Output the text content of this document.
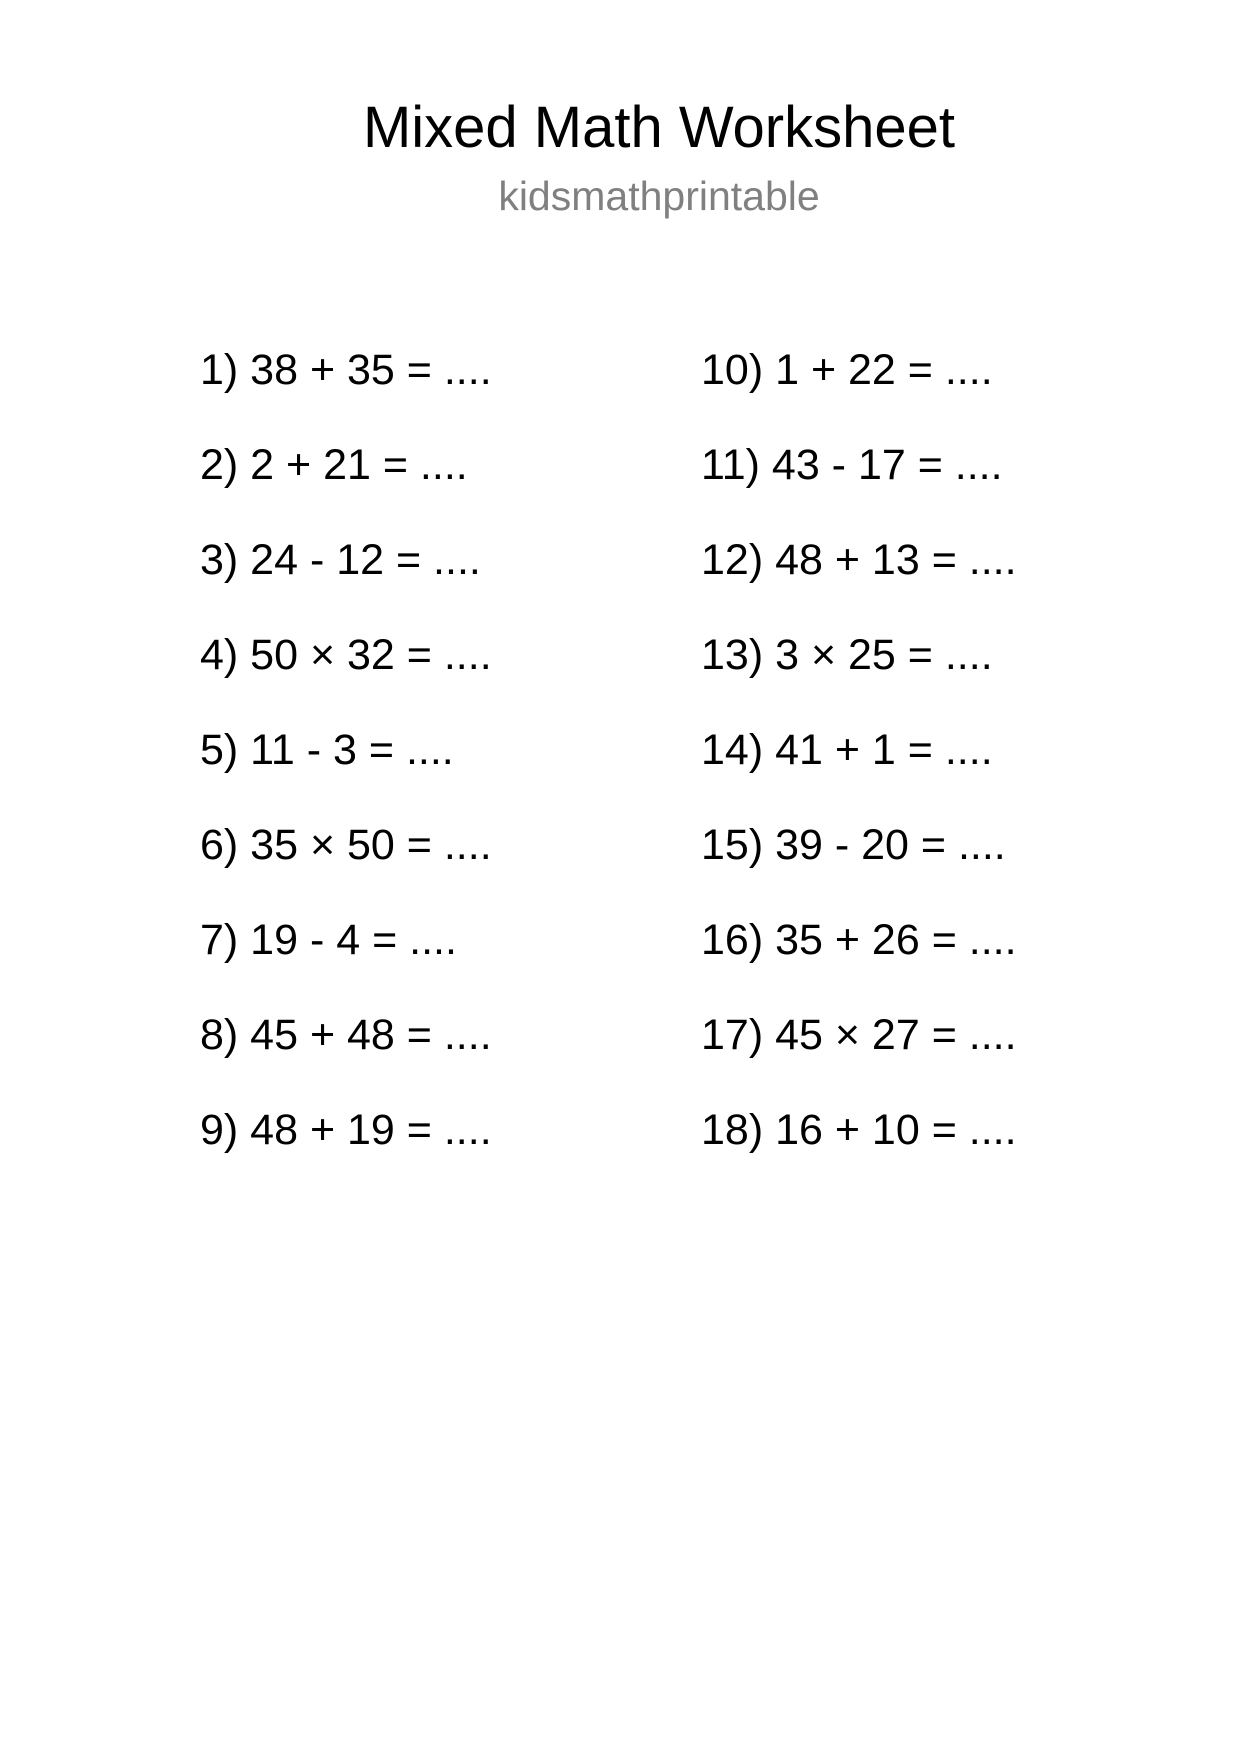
Mixed Math Worksheet
kidsmathprintable
1) 38 + 35 = ....
2) 2 + 21 = ....
3) 24 - 12 = ....
4) 50 × 32 = ....
5) 11 - 3 = ....
6) 35 × 50 = ....
7) 19 - 4 = ....
8) 45 + 48 = ....
9) 48 + 19 = ....
10) 1 + 22 = ....
11) 43 - 17 = ....
12) 48 + 13 = ....
13) 3 × 25 = ....
14) 41 + 1 = ....
15) 39 - 20 = ....
16) 35 + 26 = ....
17) 45 × 27 = ....
18) 16 + 10 = ....
